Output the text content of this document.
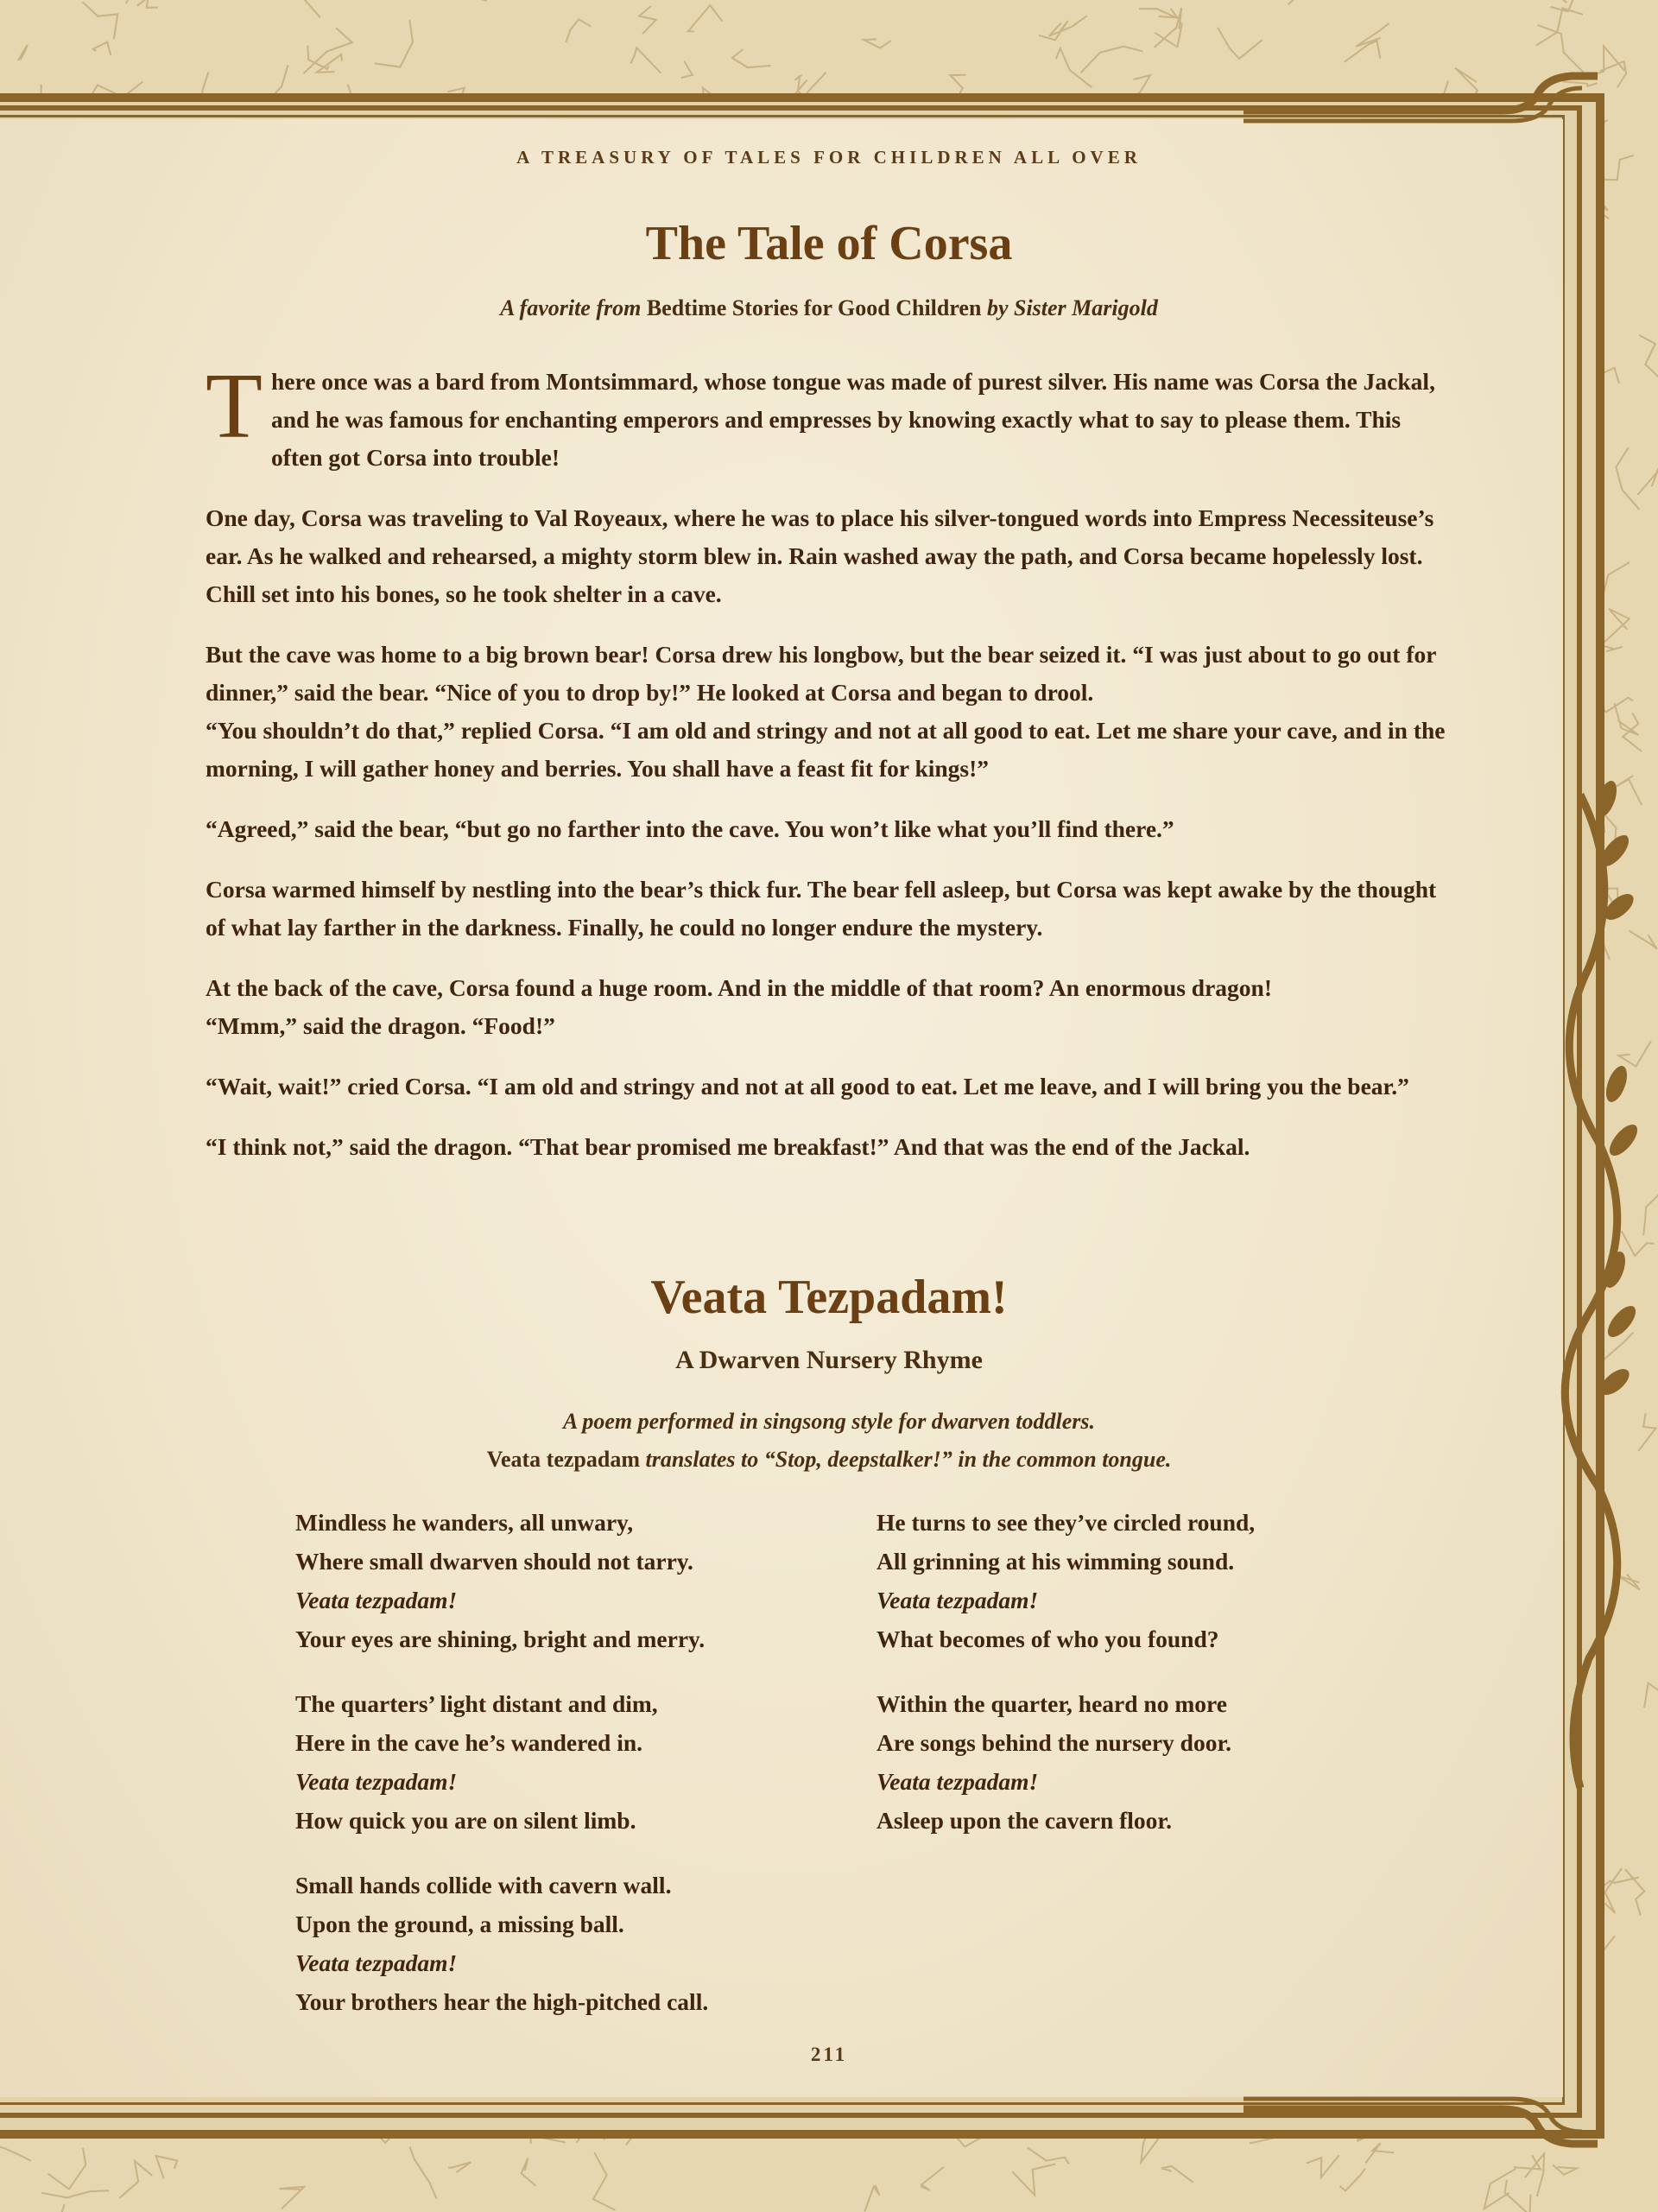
A TREASURY OF TALES FOR CHILDREN ALL OVER
The Tale of Corsa
A favorite from Bedtime Stories for Good Children by Sister Marigold

There once was a bard from Montsimmard, whose tongue was made of purest silver. His name was Corsa the Jackal, and he was famous for enchanting emperors and empresses by knowing exactly what to say to please them. This often got Corsa into trouble!

One day, Corsa was traveling to Val Royeaux, where he was to place his silver-tongued words into Empress Necessiteuse’s ear. As he walked and rehearsed, a mighty storm blew in. Rain washed away the path, and Corsa became hopelessly lost. Chill set into his bones, so he took shelter in a cave.

But the cave was home to a big brown bear! Corsa drew his longbow, but the bear seized it. “I was just about to go out for dinner,” said the bear. “Nice of you to drop by!” He looked at Corsa and began to drool.

“You shouldn’t do that,” replied Corsa. “I am old and stringy and not at all good to eat. Let me share your cave, and in the morning, I will gather honey and berries. You shall have a feast fit for kings!”

“Agreed,” said the bear, “but go no farther into the cave. You won’t like what you’ll find there.”

Corsa warmed himself by nestling into the bear’s thick fur. The bear fell asleep, but Corsa was kept awake by the thought of what lay farther in the darkness. Finally, he could no longer endure the mystery.

At the back of the cave, Corsa found a huge room. And in the middle of that room? An enormous dragon!

“Mmm,” said the dragon. “Food!”

“Wait, wait!” cried Corsa. “I am old and stringy and not at all good to eat. Let me leave, and I will bring you the bear.”

“I think not,” said the dragon. “That bear promised me breakfast!” And that was the end of the Jackal.

Veata Tezpadam!
A Dwarven Nursery Rhyme
A poem performed in singsong style for dwarven toddlers.
Veata tezpadam translates to “Stop, deepstalker!” in the common tongue.
Mindless he wanders, all unwary,
Where small dwarven should not tarry.
Veata tezpadam!
Your eyes are shining, bright and merry.
The quarters’ light distant and dim,
Here in the cave he’s wandered in.
Veata tezpadam!
How quick you are on silent limb.
Small hands collide with cavern wall.
Upon the ground, a missing ball.
Veata tezpadam!
Your brothers hear the high-pitched call.
He turns to see they’ve circled round,
All grinning at his wimming sound.
Veata tezpadam!
What becomes of who you found?
Within the quarter, heard no more
Are songs behind the nursery door.
Veata tezpadam!
Asleep upon the cavern floor.
211
